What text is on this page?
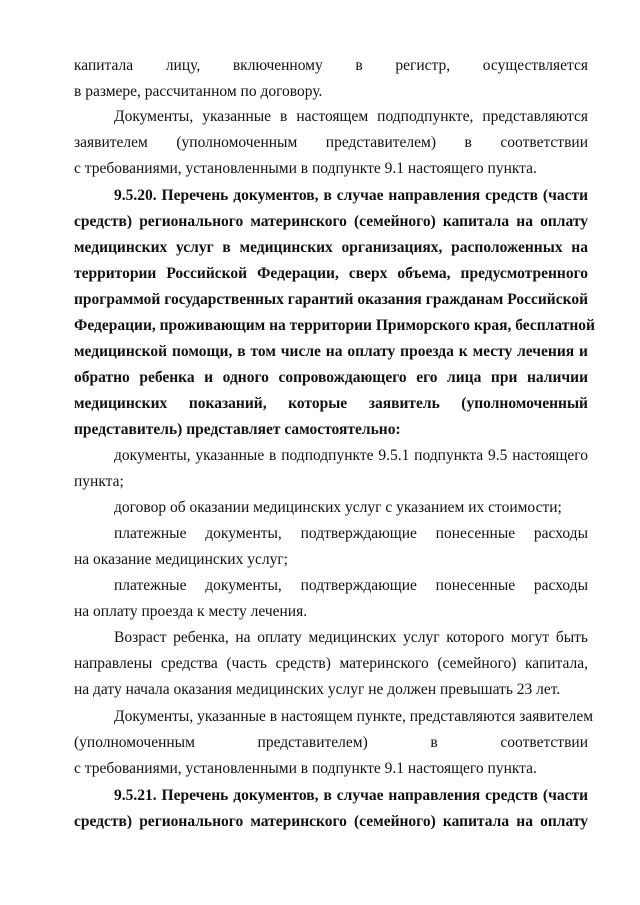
капитала лицу, включенному в регистр, осуществляется
в размере, рассчитанном по договору.
Документы, указанные в настоящем подподпункте, представляются
заявителем (уполномоченным представителем) в соответствии
с требованиями, установленными в подпункте 9.1 настоящего пункта.
9.5.20. Перечень документов, в случае направления средств (части
средств) регионального материнского (семейного) капитала на оплату
медицинских услуг в медицинских организациях, расположенных на
территории Российской Федерации, сверх объема, предусмотренного
программой государственных гарантий оказания гражданам Российской
Федерации, проживающим на территории Приморского края, бесплатной
медицинской помощи, в том числе на оплату проезда к месту лечения и
обратно ребенка и одного сопровождающего его лица при наличии
медицинских показаний, которые заявитель (уполномоченный
представитель) представляет самостоятельно:
документы, указанные в подподпункте 9.5.1 подпункта 9.5 настоящего
пункта;
договор об оказании медицинских услуг с указанием их стоимости;
платежные документы, подтверждающие понесенные расходы
на оказание медицинских услуг;
платежные документы, подтверждающие понесенные расходы
на оплату проезда к месту лечения.
Возраст ребенка, на оплату медицинских услуг которого могут быть
направлены средства (часть средств) материнского (семейного) капитала,
на дату начала оказания медицинских услуг не должен превышать 23 лет.
Документы, указанные в настоящем пункте, представляются заявителем
(уполномоченным представителем) в соответствии
с требованиями, установленными в подпункте 9.1 настоящего пункта.
9.5.21. Перечень документов, в случае направления средств (части
средств) регионального материнского (семейного) капитала на оплату
